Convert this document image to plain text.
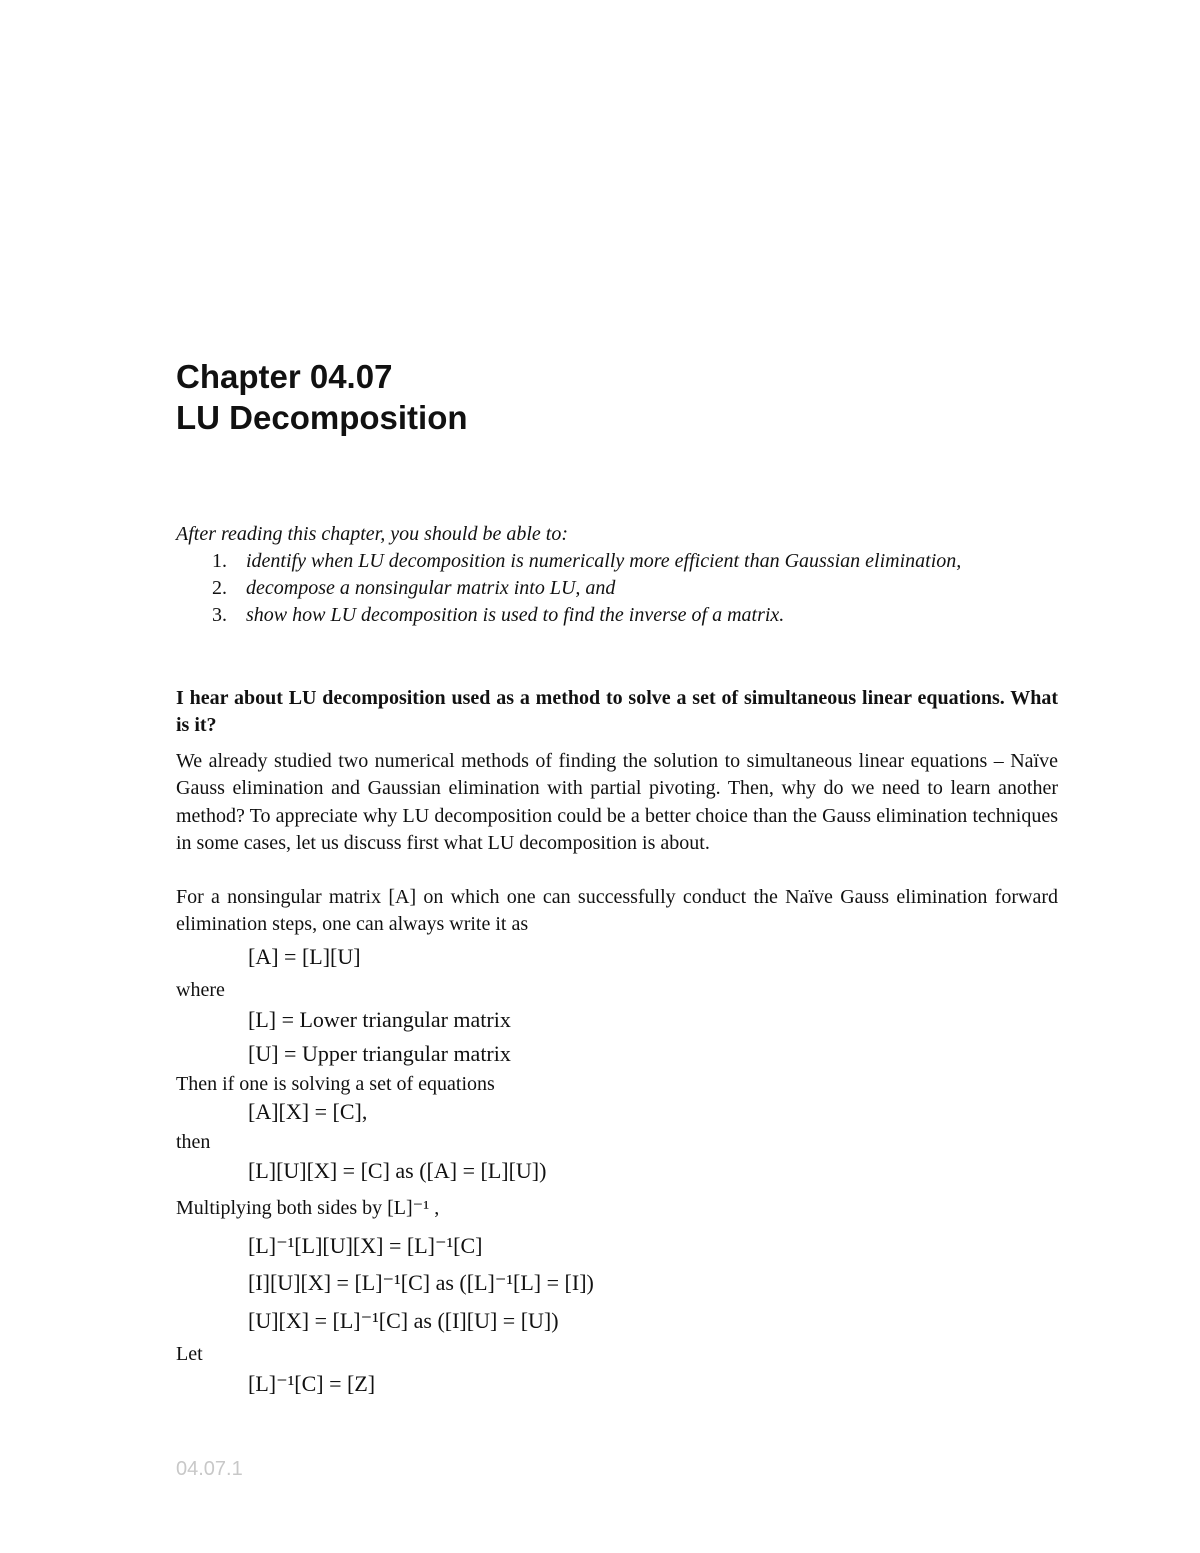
Chapter 04.07
LU Decomposition
After reading this chapter, you should be able to:
1. identify when LU decomposition is numerically more efficient than Gaussian elimination,
2. decompose a nonsingular matrix into LU, and
3. show how LU decomposition is used to find the inverse of a matrix.
I hear about LU decomposition used as a method to solve a set of simultaneous linear equations. What is it?
We already studied two numerical methods of finding the solution to simultaneous linear equations – Naïve Gauss elimination and Gaussian elimination with partial pivoting. Then, why do we need to learn another method? To appreciate why LU decomposition could be a better choice than the Gauss elimination techniques in some cases, let us discuss first what LU decomposition is about.
For a nonsingular matrix [A] on which one can successfully conduct the Naïve Gauss elimination forward elimination steps, one can always write it as
[A] = [L][U]
where
[L] = Lower triangular matrix
[U] = Upper triangular matrix
Then if one is solving a set of equations
[A][X] = [C],
then
[L][U][X] = [C] as ([A] = [L][U])
Multiplying both sides by [L]⁻¹ ,
[L]⁻¹[L][U][X] = [L]⁻¹[C]
[I][U][X] = [L]⁻¹[C] as ([L]⁻¹[L] = [I])
[U][X] = [L]⁻¹[C] as ([I][U] = [U])
Let
[L]⁻¹[C] = [Z]
04.07.1
